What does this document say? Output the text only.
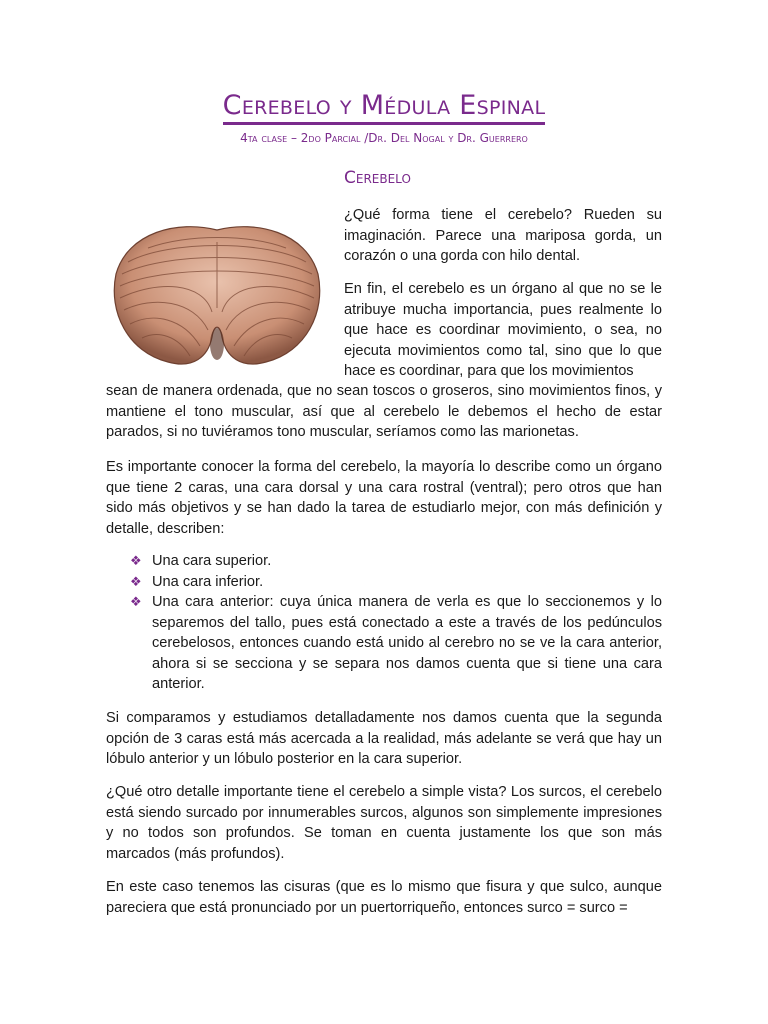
Cerebelo y Médula Espinal
4ta clase – 2do Parcial /Dr. Del Nogal y Dr. Guerrero
Cerebelo

¿Qué forma tiene el cerebelo? Rueden su imaginación. Parece una mariposa gorda, un corazón o una gorda con hilo dental.

En fin, el cerebelo es un órgano al que no se le atribuye mucha importancia, pues realmente lo que hace es coordinar movimiento, o sea, no ejecuta movimientos como tal, sino que lo que hace es coordinar, para que los movimientos

sean de manera ordenada, que no sean toscos o groseros, sino movimientos finos, y mantiene el tono muscular, así que al cerebelo le debemos el hecho de estar parados, si no tuviéramos tono muscular, seríamos como las marionetas.

Es importante conocer la forma del cerebelo, la mayoría lo describe como un órgano que tiene 2 caras, una cara dorsal y una cara rostral (ventral); pero otros que han sido más objetivos y se han dado la tarea de estudiarlo mejor, con más definición y detalle, describen:

❖ Una cara superior.
❖ Una cara inferior.
❖ Una cara anterior: cuya única manera de verla es que lo seccionemos y lo separemos del tallo, pues está conectado a este a través de los pedúnculos cerebelosos, entonces cuando está unido al cerebro no se ve la cara anterior, ahora si se secciona y se separa nos damos cuenta que si tiene una cara anterior.

Si comparamos y estudiamos detalladamente nos damos cuenta que la segunda opción de 3 caras está más acercada a la realidad, más adelante se verá que hay un lóbulo anterior y un lóbulo posterior en la cara superior.

¿Qué otro detalle importante tiene el cerebelo a simple vista? Los surcos, el cerebelo está siendo surcado por innumerables surcos, algunos son simplemente impresiones y no todos son profundos. Se toman en cuenta justamente los que son más marcados (más profundos).

En este caso tenemos las cisuras (que es lo mismo que fisura y que sulco, aunque pareciera que está pronunciado por un puertorriqueño, entonces surco = surco =
